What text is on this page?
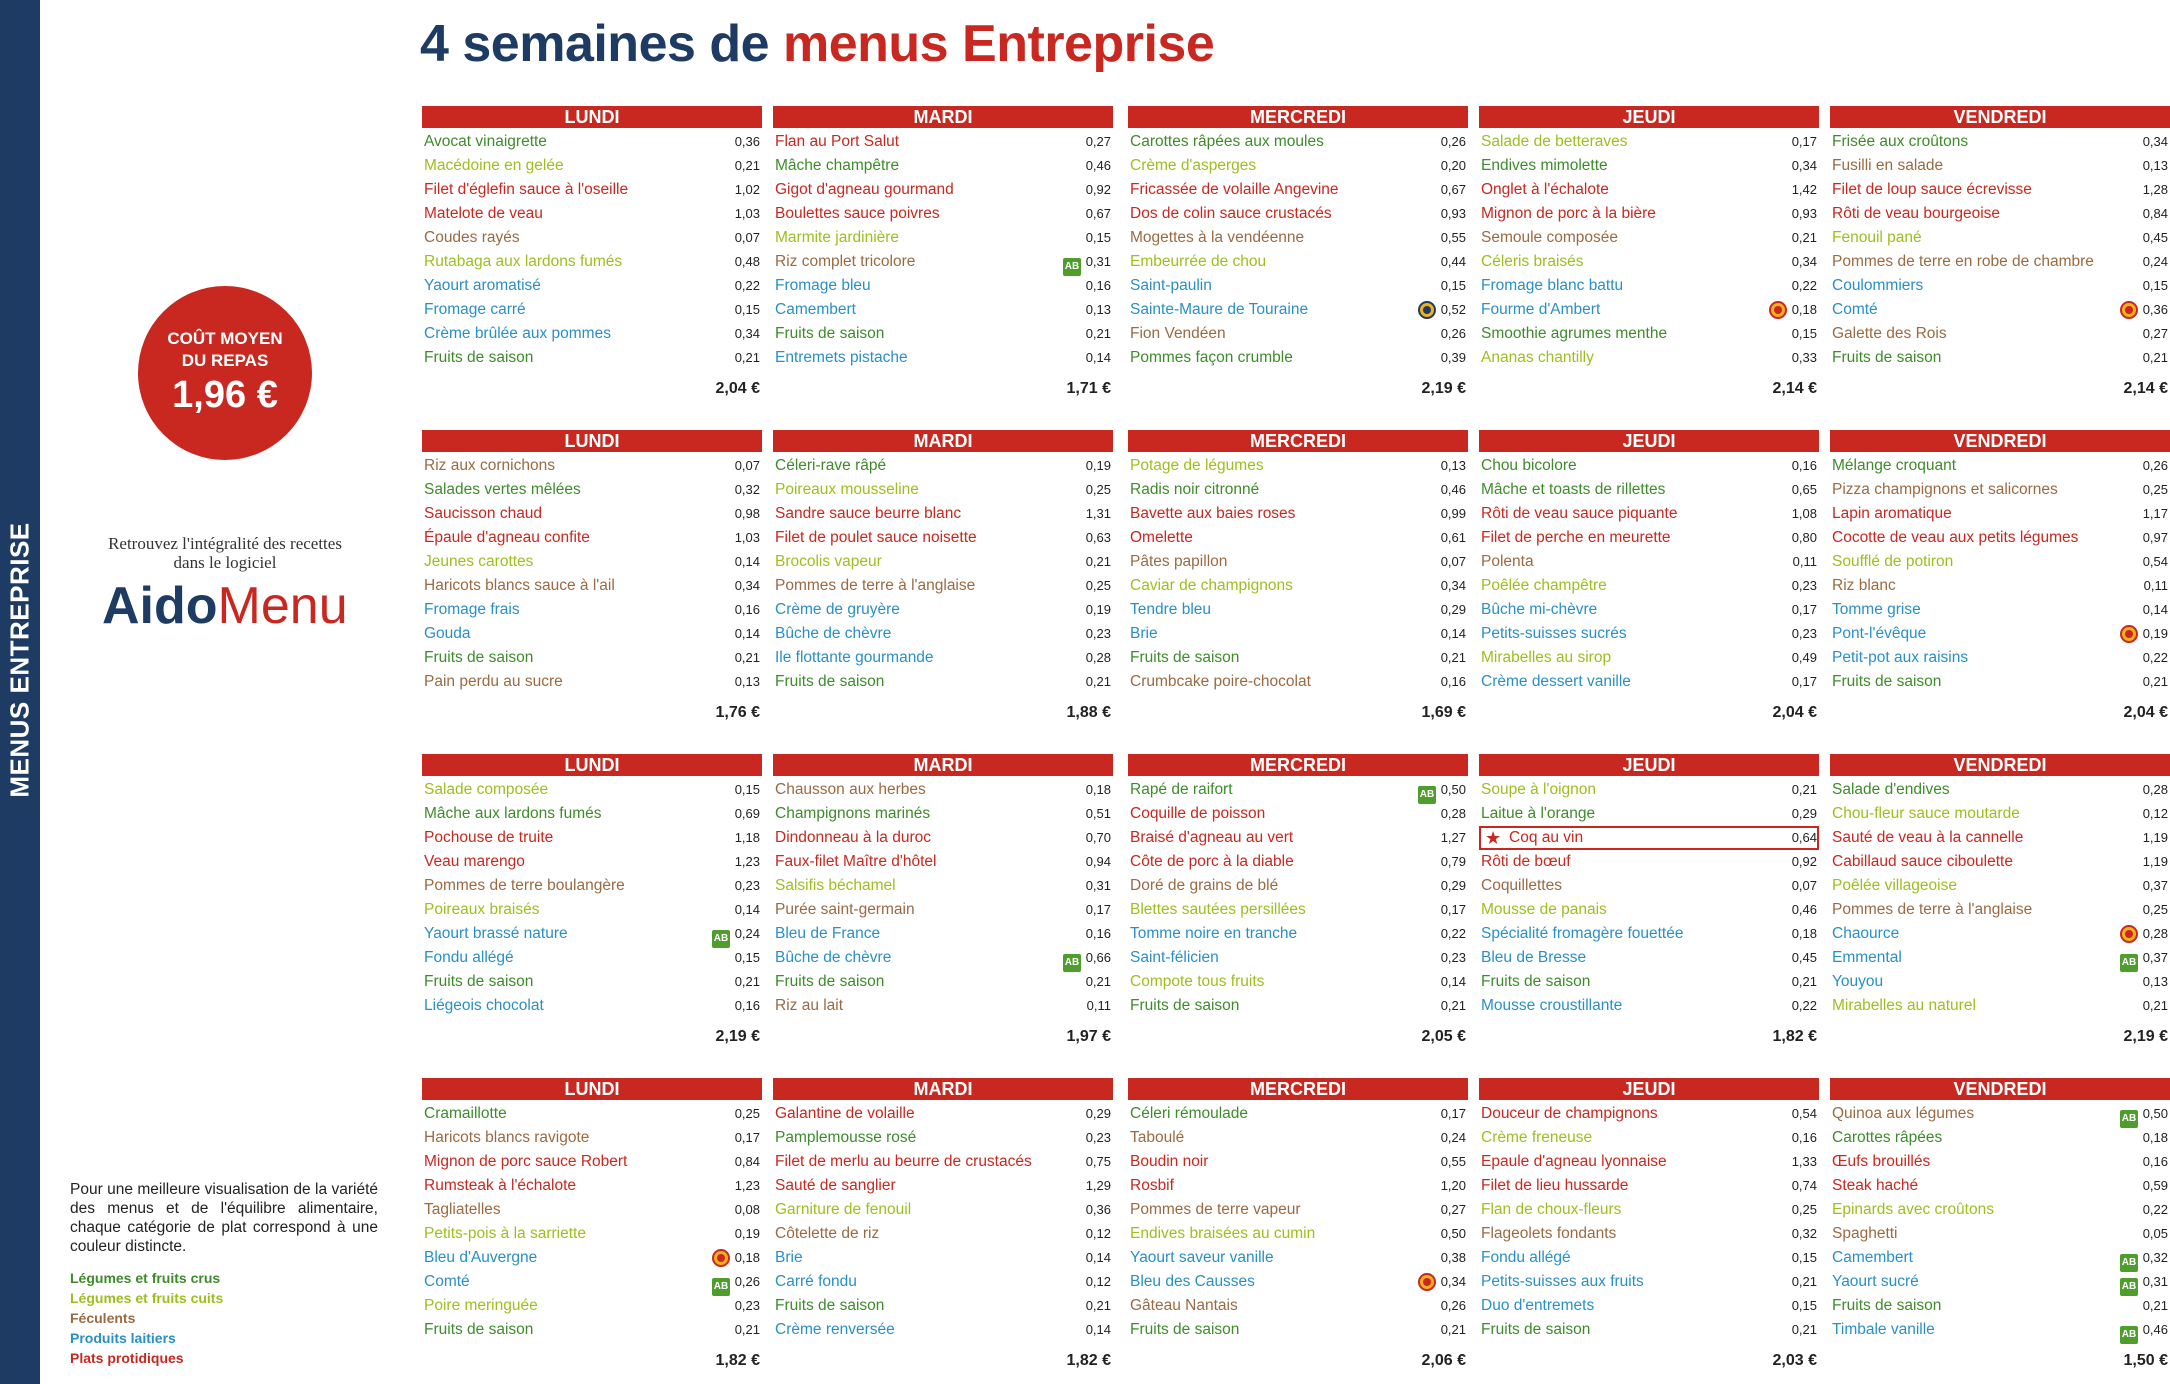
MENUS ENTREPRISE
4 semaines de menus Entreprise
COÛT MOYEN
DU REPAS
1,96 €
Retrouvez l'intégralité des recettes dans le logiciel
AidoMenu
Pour une meilleure visualisation de la variété des menus et de l'équilibre alimentaire, chaque catégorie de plat correspond à une couleur distincte.
Légumes et fruits crus
Légumes et fruits cuits
Féculents
Produits laitiers
Plats protidiques
LUNDI
Avocat vinaigrette	0,36
Macédoine en gelée	0,21
Filet d'églefin sauce à l'oseille	1,02
Matelote de veau	1,03
Coudes rayés	0,07
Rutabaga aux lardons fumés	0,48
Yaourt aromatisé	0,22
Fromage carré	0,15
Crème brûlée aux pommes	0,34
Fruits de saison	0,21
2,04 €
MARDI
Flan au Port Salut	0,27
Mâche champêtre	0,46
Gigot d'agneau gourmand	0,92
Boulettes sauce poivres	0,67
Marmite jardinière	0,15
Riz complet tricolore	AB 0,31
Fromage bleu	0,16
Camembert	0,13
Fruits de saison	0,21
Entremets pistache	0,14
1,71 €
MERCREDI
Carottes râpées aux moules	0,26
Crème d'asperges	0,20
Fricassée de volaille Angevine	0,67
Dos de colin sauce crustacés	0,93
Mogettes à la vendéenne	0,55
Embeurrée de chou	0,44
Saint-paulin	0,15
Sainte-Maure de Touraine	0,52
Fion Vendéen	0,26
Pommes façon crumble	0,39
2,19 €
JEUDI
Salade de betteraves	0,17
Endives mimolette	0,34
Onglet à l'échalote	1,42
Mignon de porc à la bière	0,93
Semoule composée	0,21
Céleris braisés	0,34
Fromage blanc battu	0,22
Fourme d'Ambert	0,18
Smoothie agrumes menthe	0,15
Ananas chantilly	0,33
2,14 €
VENDREDI
Frisée aux croûtons	0,34
Fusilli en salade	0,13
Filet de loup sauce écrevisse	1,28
Rôti de veau bourgeoise	0,84
Fenouil pané	0,45
Pommes de terre en robe de chambre	0,24
Coulommiers	0,15
Comté	0,36
Galette des Rois	0,27
Fruits de saison	0,21
2,14 €
LUNDI
Riz aux cornichons	0,07
Salades vertes mêlées	0,32
Saucisson chaud	0,98
Épaule d'agneau confite	1,03
Jeunes carottes	0,14
Haricots blancs sauce à l'ail	0,34
Fromage frais	0,16
Gouda	0,14
Fruits de saison	0,21
Pain perdu au sucre	0,13
1,76 €
MARDI
Céleri-rave râpé	0,19
Poireaux mousseline	0,25
Sandre sauce beurre blanc	1,31
Filet de poulet sauce noisette	0,63
Brocolis vapeur	0,21
Pommes de terre à l'anglaise	0,25
Crème de gruyère	0,19
Bûche de chèvre	0,23
Ile flottante gourmande	0,28
Fruits de saison	0,21
1,88 €
MERCREDI
Potage de légumes	0,13
Radis noir citronné	0,46
Bavette aux baies roses	0,99
Omelette	0,61
Pâtes papillon	0,07
Caviar de champignons	0,34
Tendre bleu	0,29
Brie	0,14
Fruits de saison	0,21
Crumbcake poire-chocolat	0,16
1,69 €
JEUDI
Chou bicolore	0,16
Mâche et toasts de rillettes	0,65
Rôti de veau sauce piquante	1,08
Filet de perche en meurette	0,80
Polenta	0,11
Poêlée champêtre	0,23
Bûche mi-chèvre	0,17
Petits-suisses sucrés	0,23
Mirabelles au sirop	0,49
Crème dessert vanille	0,17
2,04 €
VENDREDI
Mélange croquant	0,26
Pizza champignons et salicornes	0,25
Lapin aromatique	1,17
Cocotte de veau aux petits légumes	0,97
Soufflé de potiron	0,54
Riz blanc	0,11
Tomme grise	0,14
Pont-l'évêque	0,19
Petit-pot aux raisins	0,22
Fruits de saison	0,21
2,04 €
LUNDI
Salade composée	0,15
Mâche aux lardons fumés	0,69
Pochouse de truite	1,18
Veau marengo	1,23
Pommes de terre boulangère	0,23
Poireaux braisés	0,14
Yaourt brassé nature	AB 0,24
Fondu allégé	0,15
Fruits de saison	0,21
Liégeois chocolat	0,16
2,19 €
MARDI
Chausson aux herbes	0,18
Champignons marinés	0,51
Dindonneau à la duroc	0,70
Faux-filet Maître d'hôtel	0,94
Salsifis béchamel	0,31
Purée saint-germain	0,17
Bleu de France	0,16
Bûche de chèvre	AB 0,66
Fruits de saison	0,21
Riz au lait	0,11
1,97 €
MERCREDI
Rapé de raifort	AB 0,50
Coquille de poisson	0,28
Braisé d'agneau au vert	1,27
Côte de porc à la diable	0,79
Doré de grains de blé	0,29
Blettes sautées persillées	0,17
Tomme noire en tranche	0,22
Saint-félicien	0,23
Compote tous fruits	0,14
Fruits de saison	0,21
2,05 €
JEUDI
Soupe à l'oignon	0,21
Laitue à l'orange	0,29
★ Coq au vin	0,64
Rôti de bœuf	0,92
Coquillettes	0,07
Mousse de panais	0,46
Spécialité fromagère fouettée	0,18
Bleu de Bresse	0,45
Fruits de saison	0,21
Mousse croustillante	0,22
1,82 €
VENDREDI
Salade d'endives	0,28
Chou-fleur sauce moutarde	0,12
Sauté de veau à la cannelle	1,19
Cabillaud sauce ciboulette	1,19
Poêlée villageoise	0,37
Pommes de terre à l'anglaise	0,25
Chaource	0,28
Emmental	AB 0,37
Youyou	0,13
Mirabelles au naturel	0,21
2,19 €
LUNDI
Cramaillotte	0,25
Haricots blancs ravigote	0,17
Mignon de porc sauce Robert	0,84
Rumsteak à l'échalote	1,23
Tagliatelles	0,08
Petits-pois à la sarriette	0,19
Bleu d'Auvergne	0,18
Comté	AB 0,26
Poire meringuée	0,23
Fruits de saison	0,21
1,82 €
MARDI
Galantine de volaille	0,29
Pamplemousse rosé	0,23
Filet de merlu au beurre de crustacés	0,75
Sauté de sanglier	1,29
Garniture de fenouil	0,36
Côtelette de riz	0,12
Brie	0,14
Carré fondu	0,12
Fruits de saison	0,21
Crème renversée	0,14
1,82 €
MERCREDI
Céleri rémoulade	0,17
Taboulé	0,24
Boudin noir	0,55
Rosbif	1,20
Pommes de terre vapeur	0,27
Endives braisées au cumin	0,50
Yaourt saveur vanille	0,38
Bleu des Causses	0,34
Gâteau Nantais	0,26
Fruits de saison	0,21
2,06 €
JEUDI
Douceur de champignons	0,54
Crème freneuse	0,16
Epaule d'agneau lyonnaise	1,33
Filet de lieu hussarde	0,74
Flan de choux-fleurs	0,25
Flageolets fondants	0,32
Fondu allégé	0,15
Petits-suisses aux fruits	0,21
Duo d'entremets	0,15
Fruits de saison	0,21
2,03 €
VENDREDI
Quinoa aux légumes	AB 0,50
Carottes râpées	0,18
Œufs brouillés	0,16
Steak haché	0,59
Epinards avec croûtons	0,22
Spaghetti	0,05
Camembert	AB 0,32
Yaourt sucré	AB 0,31
Fruits de saison	0,21
Timbale vanille	AB 0,46
1,50 €
